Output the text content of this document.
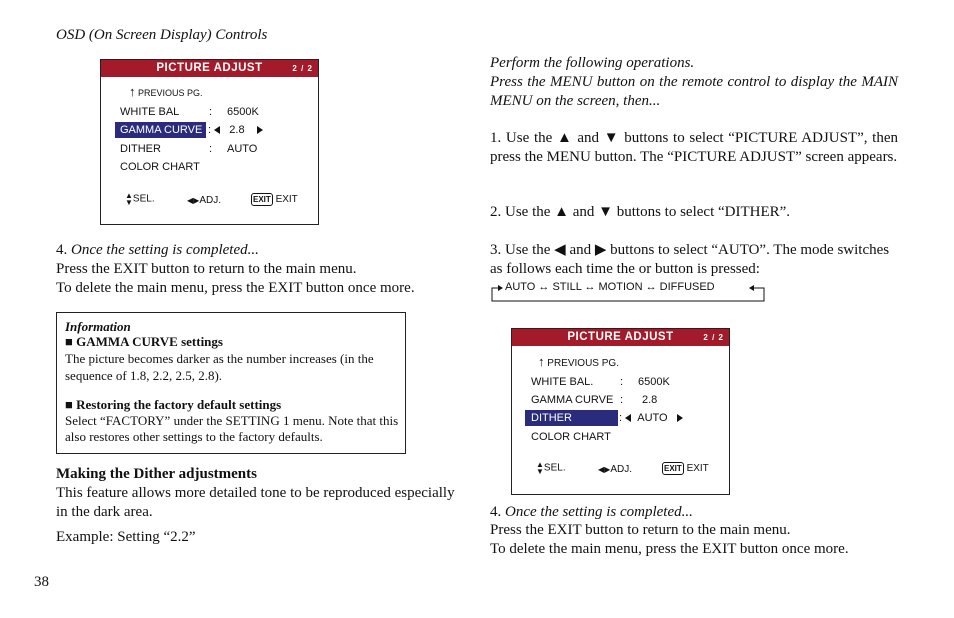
OSD (On Screen Display) Controls
PICTURE ADJUST	2 / 2
↑ PREVIOUS PG.
WHITE BAL	: 6500K
GAMMA CURVE : 2.8
DITHER	: AUTO
COLOR CHART
▲
▼SEL.	◀▶ADJ.	EXIT EXIT
4. Once the setting is completed...
Press the EXIT button to return to the main menu.
To delete the main menu, press the EXIT button once more.
Information
■ GAMMA CURVE settings
The picture becomes darker as the number increases (in the sequence of 1.8, 2.2, 2.5, 2.8).
■ Restoring the factory default settings
Select “FACTORY” under the SETTING 1 menu. Note that this also restores other settings to the factory defaults.
Making the Dither adjustments
This feature allows more detailed tone to be reproduced especially in the dark area.
Example: Setting “2.2”
38
Perform the following operations.
Press the MENU button on the remote control to display the MAIN MENU on the screen, then...
1. Use the ▲ and ▼ buttons to select “PICTURE ADJUST”, then press the MENU button. The “PICTURE ADJUST” screen appears.
2. Use the ▲ and ▼ buttons to select “DITHER”.
3. Use the ◀ and ▶ buttons to select “AUTO”. The mode switches as follows each time the or button is pressed:
AUTO ↔ STILL ↔ MOTION ↔ DIFFUSED
PICTURE ADJUST	2 / 2
↑ PREVIOUS PG.
WHITE BAL. : 6500K
GAMMA CURVE : 2.8
DITHER	: AUTO
COLOR CHART
▲
▼SEL.	◀▶ADJ.	EXIT EXIT
4. Once the setting is completed...
Press the EXIT button to return to the main menu.
To delete the main menu, press the EXIT button once more.
